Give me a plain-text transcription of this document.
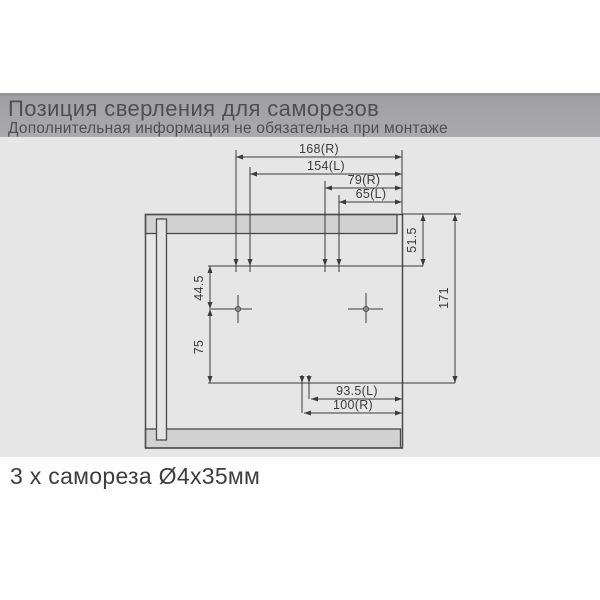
Позиция сверления для саморезов
Дополнительная информация не обязательна при монтаже
168(R)
154(L)
79(R)
65(L)
51.5
171
44.5
75
93.5(L)
100(R)
3 х самореза Ø4х35мм
